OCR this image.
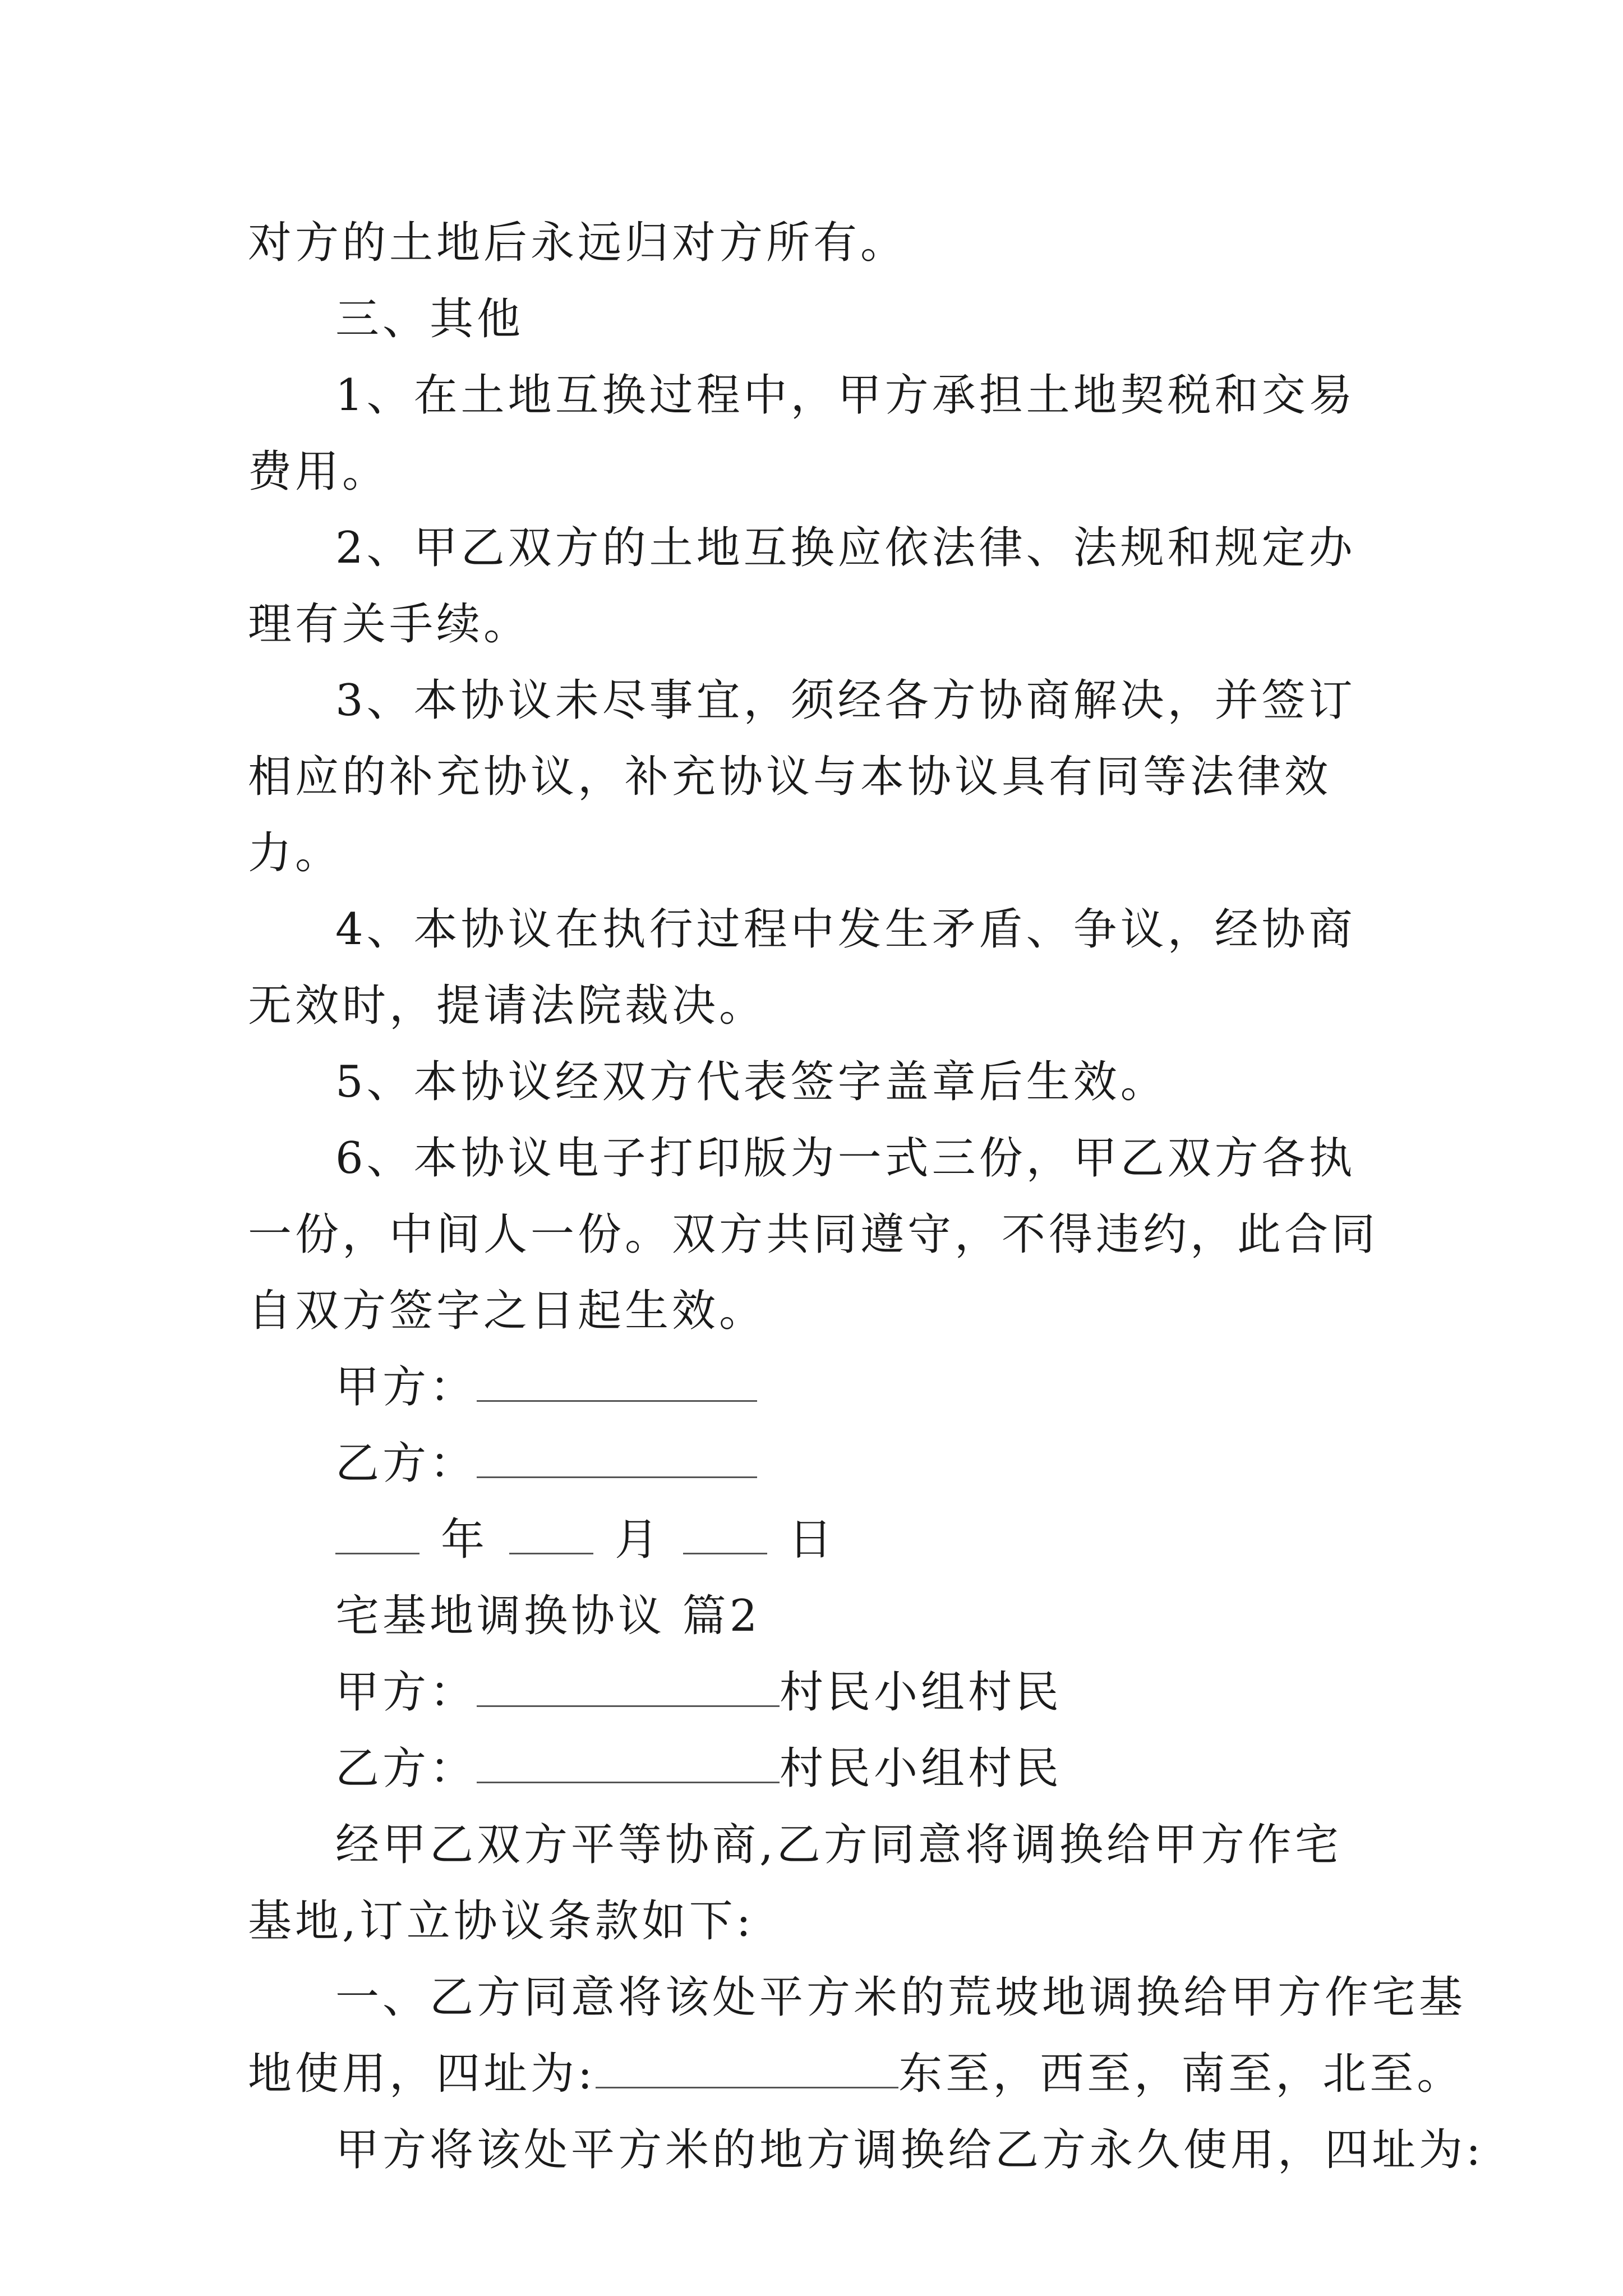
对方的土地后永远归对方所有。

三、其他

1、在土地互换过程中，甲方承担土地契税和交易费用。

2、甲乙双方的土地互换应依法律、法规和规定办理有关手续。

3、本协议未尽事宜，须经各方协商解决，并签订相应的补充协议，补充协议与本协议具有同等法律效力。

4、本协议在执行过程中发生矛盾、争议，经协商无效时，提请法院裁决。

5、本协议经双方代表签字盖章后生效。

6、本协议电子打印版为一式三份，甲乙双方各执一份，中间人一份。双方共同遵守，不得违约，此合同自双方签字之日起生效。

甲方：
乙方：
年	月	日
宅基地调换协议 篇2
甲方：	村民小组村民
乙方：	村民小组村民

经甲乙双方平等协商,乙方同意将调换给甲方作宅基地,订立协议条款如下:

一、乙方同意将该处平方米的荒坡地调换给甲方作宅基
地使用，四址为:	东至，西至，南至，北至。
甲方将该处平方米的地方调换给乙方永久使用，四址为:
